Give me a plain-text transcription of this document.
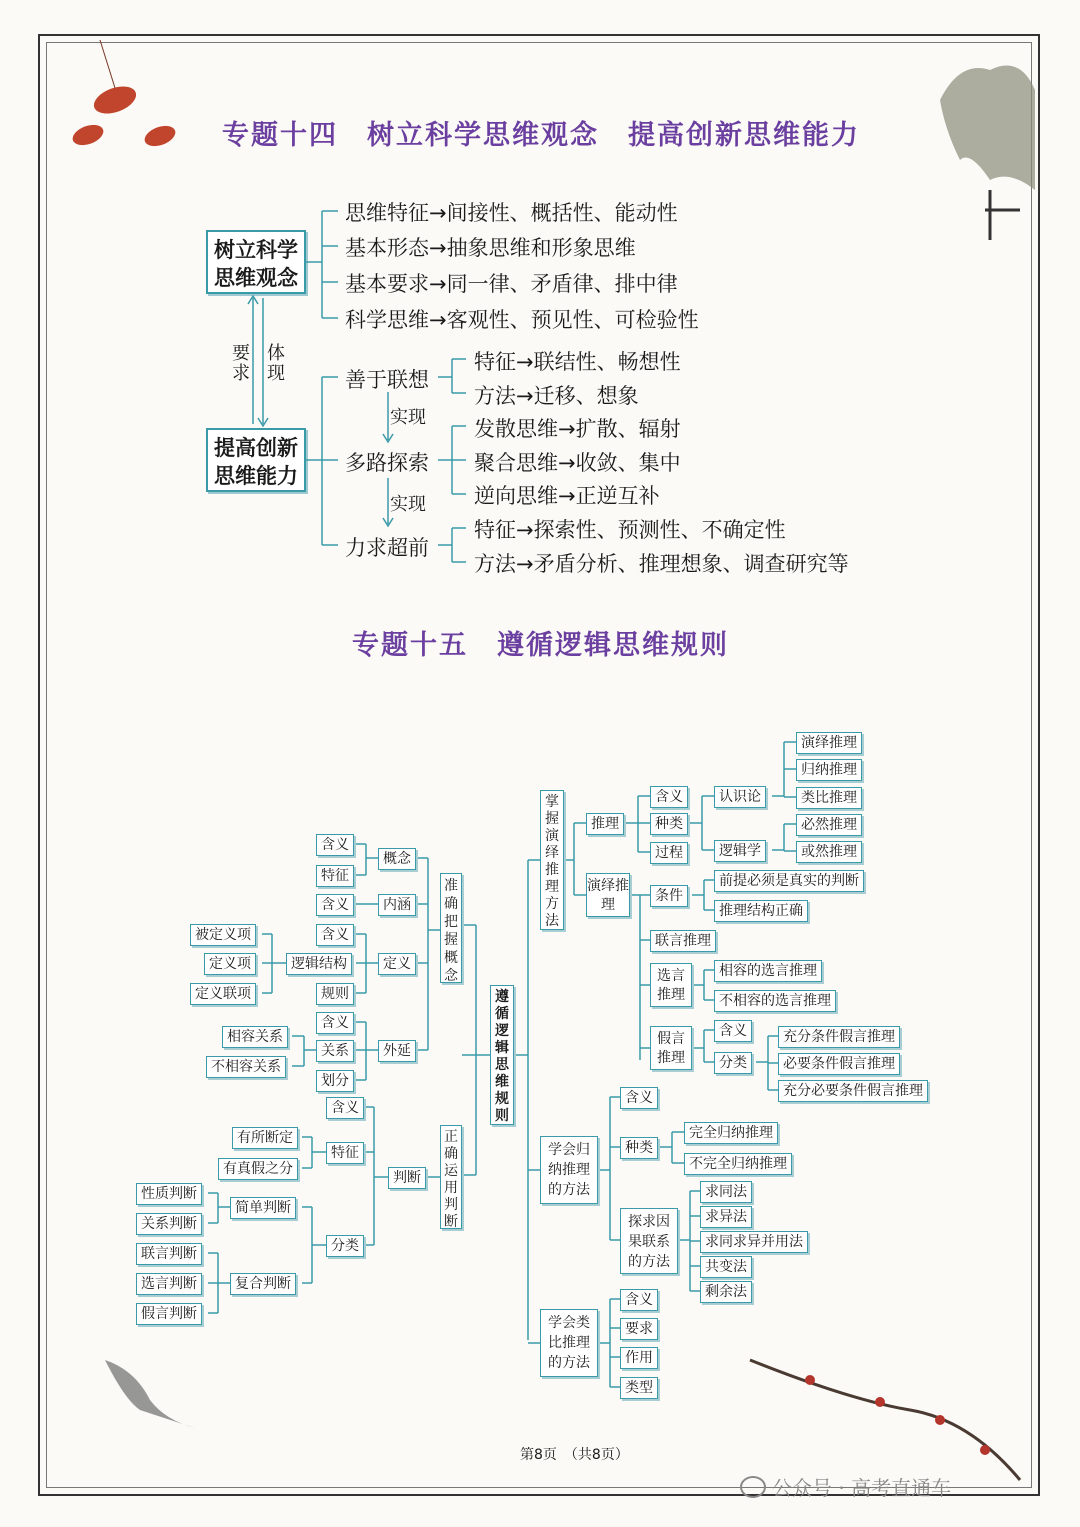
专题十四　树立科学思维观念　提高创新思维能力
树立科学
思维观念
提高创新
思维能力
要
求
体
现
思维特征→间接性、概括性、能动性
基本形态→抽象思维和形象思维
基本要求→同一律、矛盾律、排中律
科学思维→客观性、预见性、可检验性
善于联想
多路探索
力求超前
实现
实现
特征→联结性、畅想性
方法→迁移、想象
发散思维→扩散、辐射
聚合思维→收敛、集中
逆向思维→正逆互补
特征→探索性、预测性、不确定性
方法→矛盾分析、推理想象、调查研究等
专题十五　遵循逻辑思维规则
遵循逻辑思维规则
准确把握概念
正确运用判断
概念
含义
特征
内涵
含义
定义
含义
逻辑结构
规则
被定义项
定义项
定义联项
外延
含义
关系
划分
相容关系
不相容关系
判断
含义
特征
分类
有所断定
有真假之分
简单判断
复合判断
性质判断
关系判断
联言判断
选言判断
假言判断
掌握演绎推理方法
推理
含义
种类
过程
认识论
逻辑学
演绎推理
归纳推理
类比推理
必然推理
或然推理
演绎推理
条件
前提必须是真实的判断
推理结构正确
联言推理
选言推理
相容的选言推理
不相容的选言推理
假言推理
含义
分类
充分条件假言推理
必要条件假言推理
充分必要条件假言推理
学会归纳推理的方法
含义
种类
完全归纳推理
不完全归纳推理
探求因果联系的方法
求同法
求异法
求同求异并用法
共变法
剩余法
学会类比推理的方法
含义
要求
作用
类型
第8页　（共8页）
公众号 · 高考直通车
